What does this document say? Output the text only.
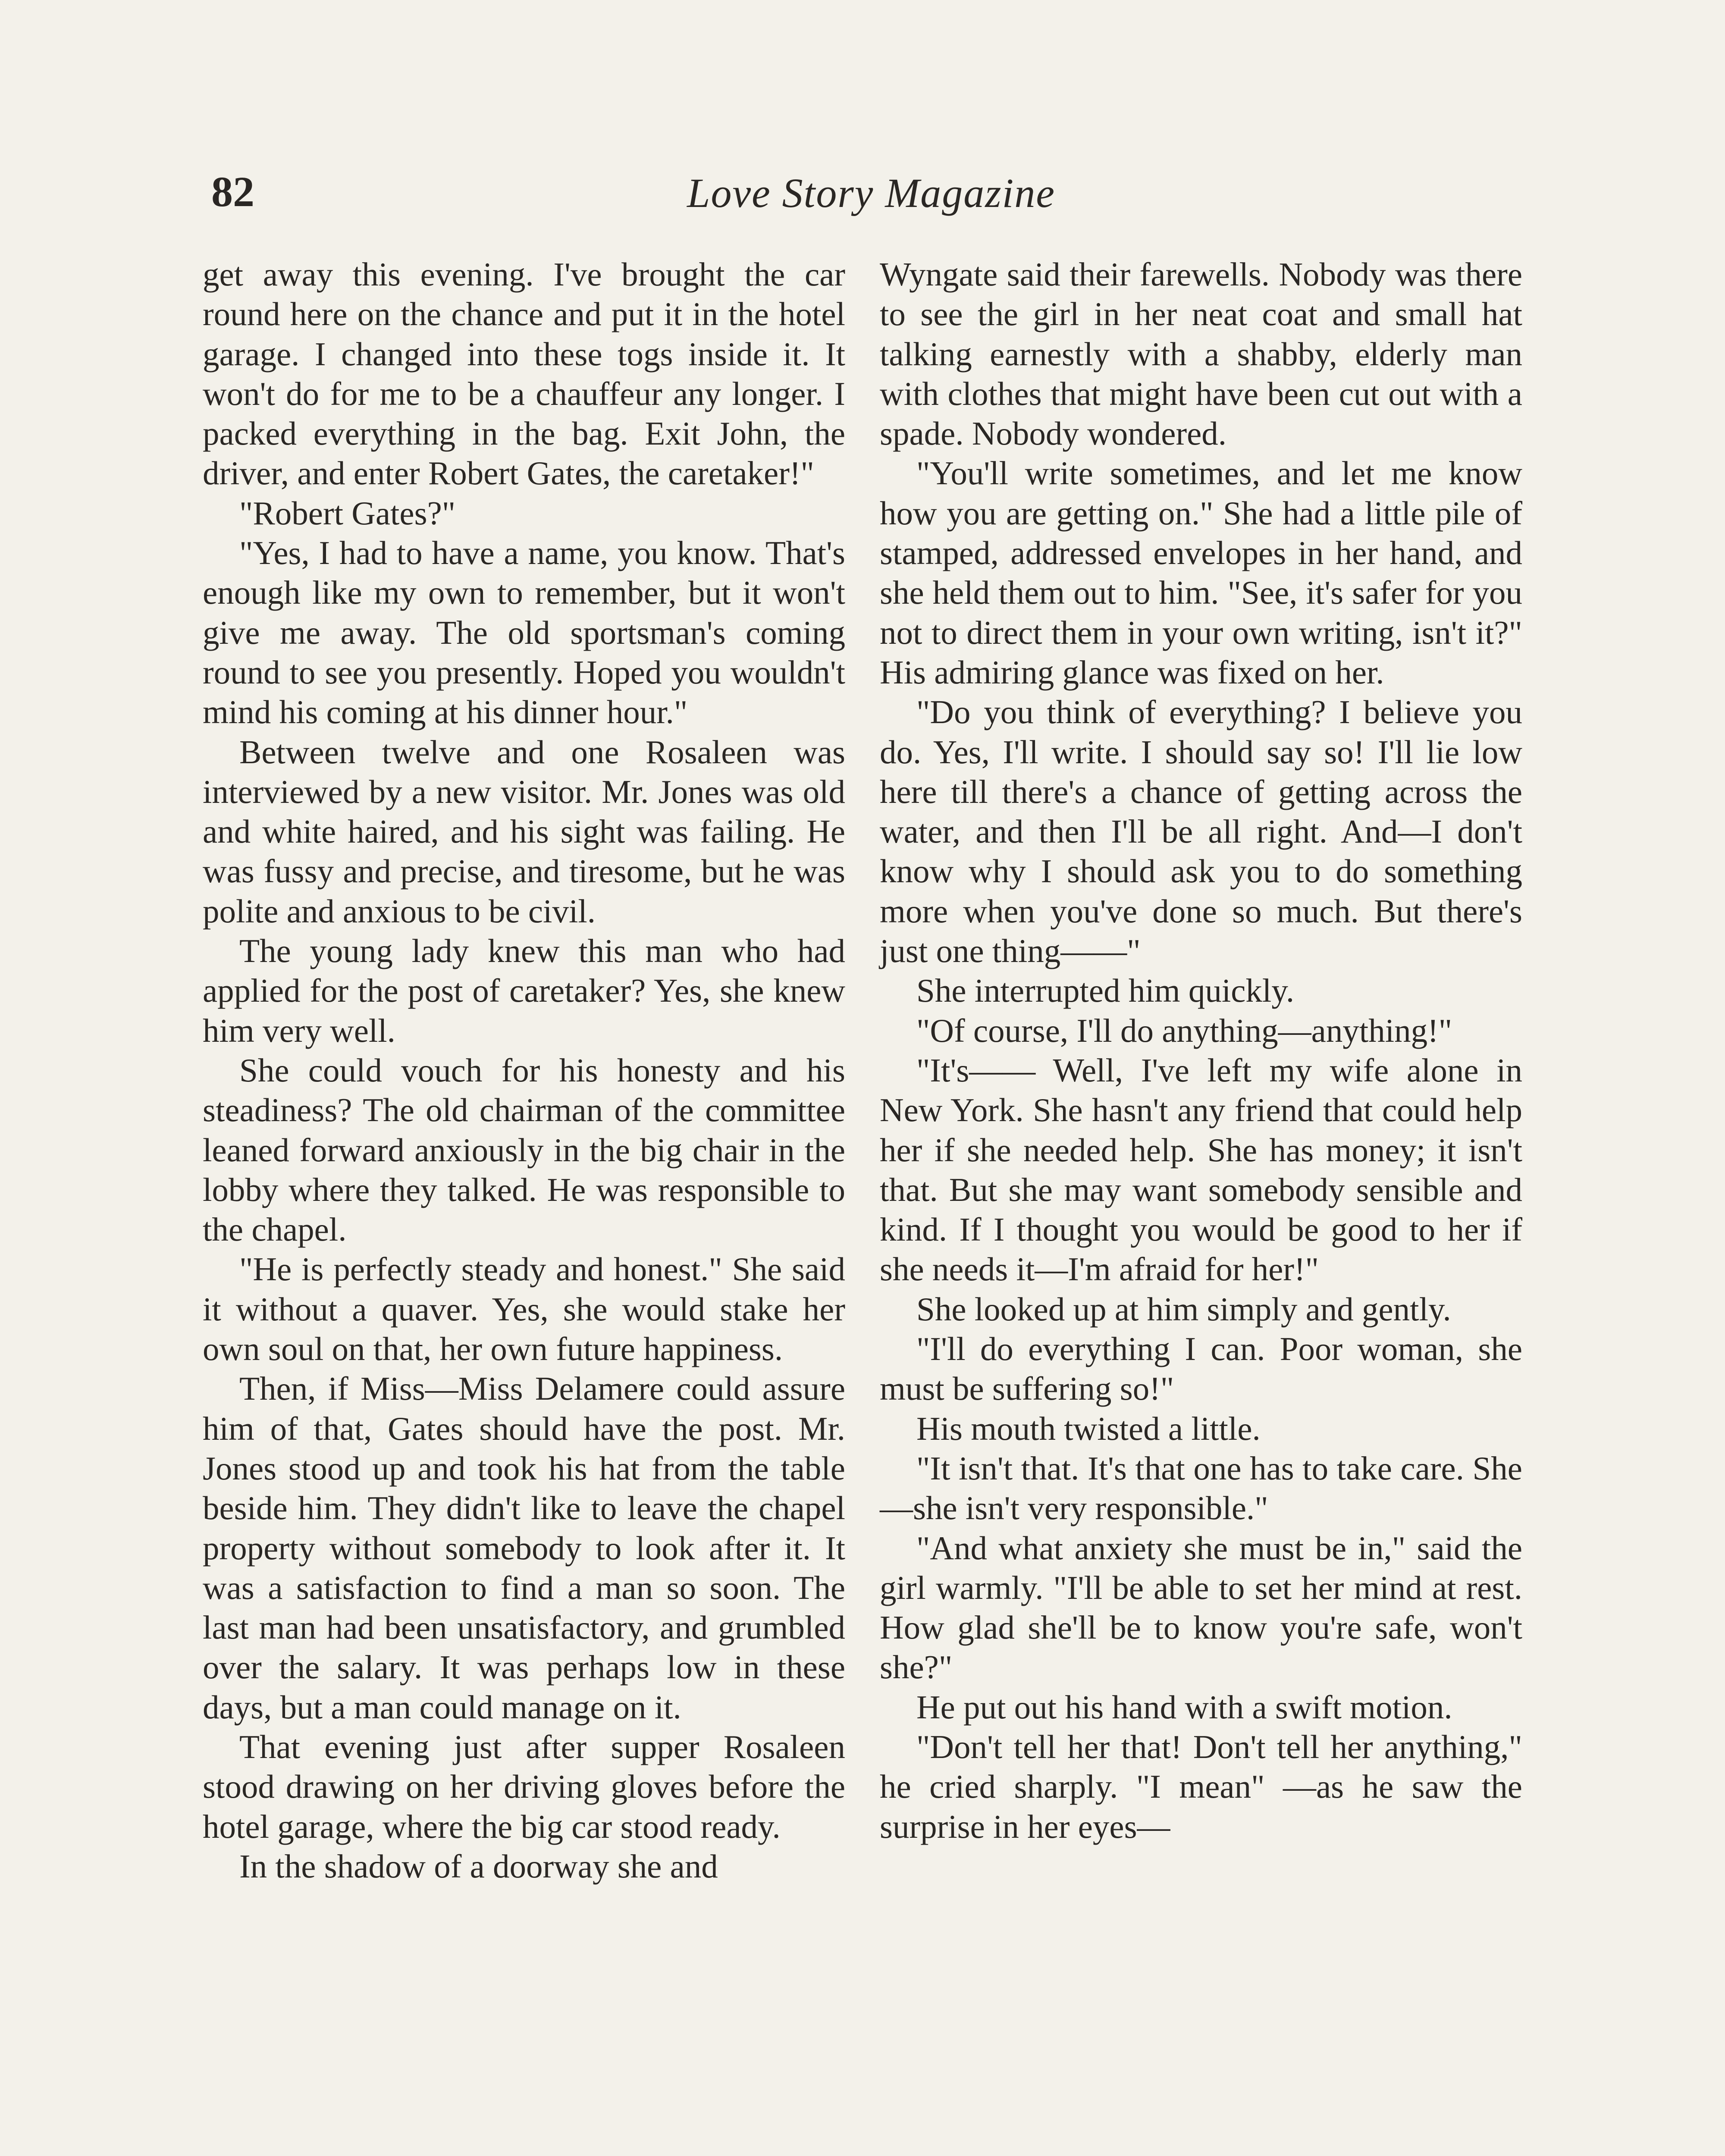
82	Love Story Magazine

get away this evening. I've brought the car round here on the chance and put it in the hotel garage. I changed into these togs inside it. It won't do for me to be a chauffeur any longer. I packed everything in the bag. Exit John, the driver, and enter Robert Gates, the caretaker!"

"Robert Gates?"

"Yes, I had to have a name, you know. That's enough like my own to remember, but it won't give me away. The old sportsman's coming round to see you presently. Hoped you wouldn't mind his coming at his dinner hour."

Between twelve and one Rosaleen was interviewed by a new visitor. Mr. Jones was old and white haired, and his sight was failing. He was fussy and precise, and tiresome, but he was polite and anxious to be civil.

The young lady knew this man who had applied for the post of caretaker? Yes, she knew him very well.

She could vouch for his honesty and his steadiness? The old chairman of the committee leaned forward anxiously in the big chair in the lobby where they talked. He was responsible to the chapel.

"He is perfectly steady and honest." She said it without a quaver. Yes, she would stake her own soul on that, her own future happiness.

Then, if Miss—Miss Delamere could assure him of that, Gates should have the post. Mr. Jones stood up and took his hat from the table beside him. They didn't like to leave the chapel property without somebody to look after it. It was a satisfaction to find a man so soon. The last man had been unsatisfactory, and grumbled over the salary. It was perhaps low in these days, but a man could manage on it.

That evening just after supper Rosaleen stood drawing on her driving gloves before the hotel garage, where the big car stood ready.

In the shadow of a doorway she and

Wyngate said their farewells. Nobody was there to see the girl in her neat coat and small hat talking earnestly with a shabby, elderly man with clothes that might have been cut out with a spade. Nobody wondered.

"You'll write sometimes, and let me know how you are getting on." She had a little pile of stamped, addressed envelopes in her hand, and she held them out to him. "See, it's safer for you not to direct them in your own writing, isn't it?" His admiring glance was fixed on her.

"Do you think of everything? I believe you do. Yes, I'll write. I should say so! I'll lie low here till there's a chance of getting across the water, and then I'll be all right. And—I don't know why I should ask you to do something more when you've done so much. But there's just one thing——"

She interrupted him quickly.

"Of course, I'll do anything—anything!"

"It's—— Well, I've left my wife alone in New York. She hasn't any friend that could help her if she needed help. She has money; it isn't that. But she may want somebody sensible and kind. If I thought you would be good to her if she needs it—I'm afraid for her!"

She looked up at him simply and gently.

"I'll do everything I can. Poor woman, she must be suffering so!"

His mouth twisted a little.

"It isn't that. It's that one has to take care. She—she isn't very responsible."

"And what anxiety she must be in," said the girl warmly. "I'll be able to set her mind at rest. How glad she'll be to know you're safe, won't she?"

He put out his hand with a swift motion.

"Don't tell her that! Don't tell her anything," he cried sharply. "I mean" —as he saw the surprise in her eyes—
